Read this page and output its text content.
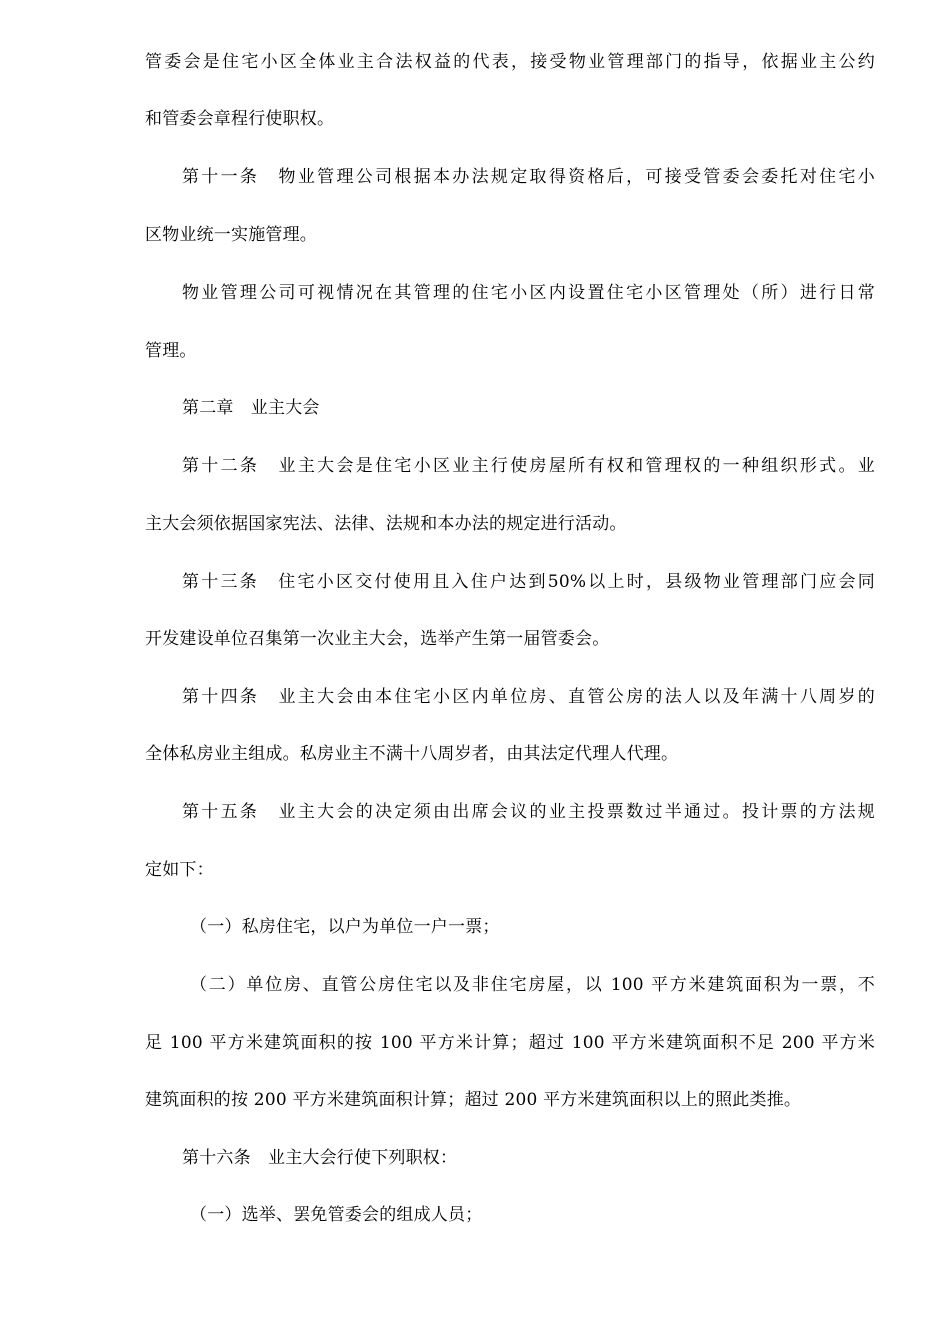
管委会是住宅小区全体业主合法权益的代表，接受物业管理部门的指导，依据业主公约
和管委会章程行使职权。
第十一条　物业管理公司根据本办法规定取得资格后，可接受管委会委托对住宅小
区物业统一实施管理。
物业管理公司可视情况在其管理的住宅小区内设置住宅小区管理处（所）进行日常
管理。
第二章　业主大会
第十二条　业主大会是住宅小区业主行使房屋所有权和管理权的一种组织形式。业
主大会须依据国家宪法、法律、法规和本办法的规定进行活动。
第十三条　住宅小区交付使用且入住户达到50%以上时，县级物业管理部门应会同
开发建设单位召集第一次业主大会，选举产生第一届管委会。
第十四条　业主大会由本住宅小区内单位房、直管公房的法人以及年满十八周岁的
全体私房业主组成。私房业主不满十八周岁者，由其法定代理人代理。
第十五条　业主大会的决定须由出席会议的业主投票数过半通过。投计票的方法规
定如下：
（一）私房住宅，以户为单位一户一票；
（二）单位房、直管公房住宅以及非住宅房屋，以 100 平方米建筑面积为一票，不
足 100 平方米建筑面积的按 100 平方米计算；超过 100 平方米建筑面积不足 200 平方米
建筑面积的按 200 平方米建筑面积计算；超过 200 平方米建筑面积以上的照此类推。
第十六条　业主大会行使下列职权：
（一）选举、罢免管委会的组成人员；
